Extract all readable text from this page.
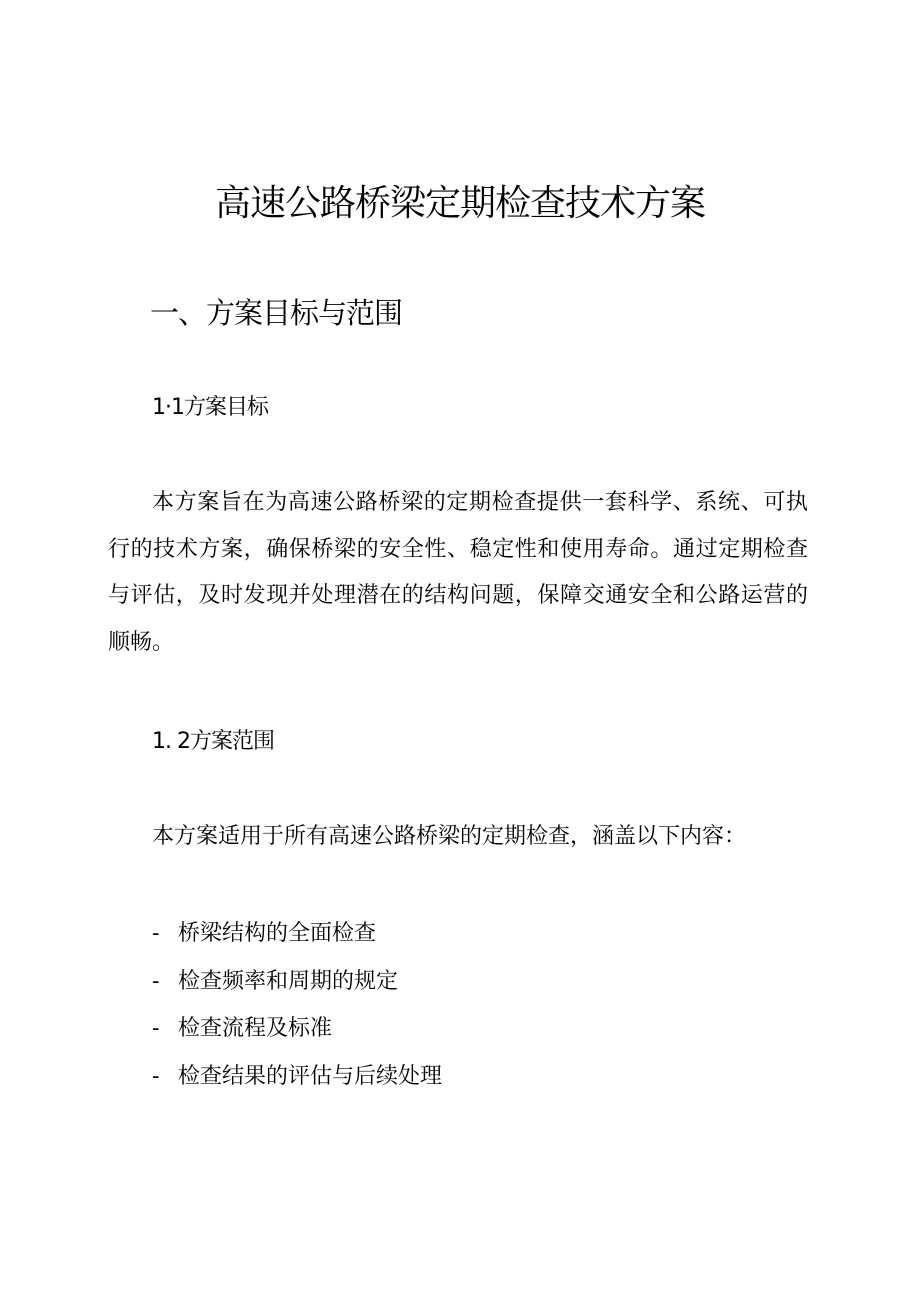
高速公路桥梁定期检查技术方案
一、方案目标与范围
1·1方案目标

本方案旨在为高速公路桥梁的定期检查提供一套科学、系统、可执行的技术方案，确保桥梁的安全性、稳定性和使用寿命。通过定期检查与评估，及时发现并处理潜在的结构问题，保障交通安全和公路运营的顺畅。

1. 2方案范围

本方案适用于所有高速公路桥梁的定期检查，涵盖以下内容：

- 桥梁结构的全面检查
- 检查频率和周期的规定
- 检查流程及标准
- 检查结果的评估与后续处理
